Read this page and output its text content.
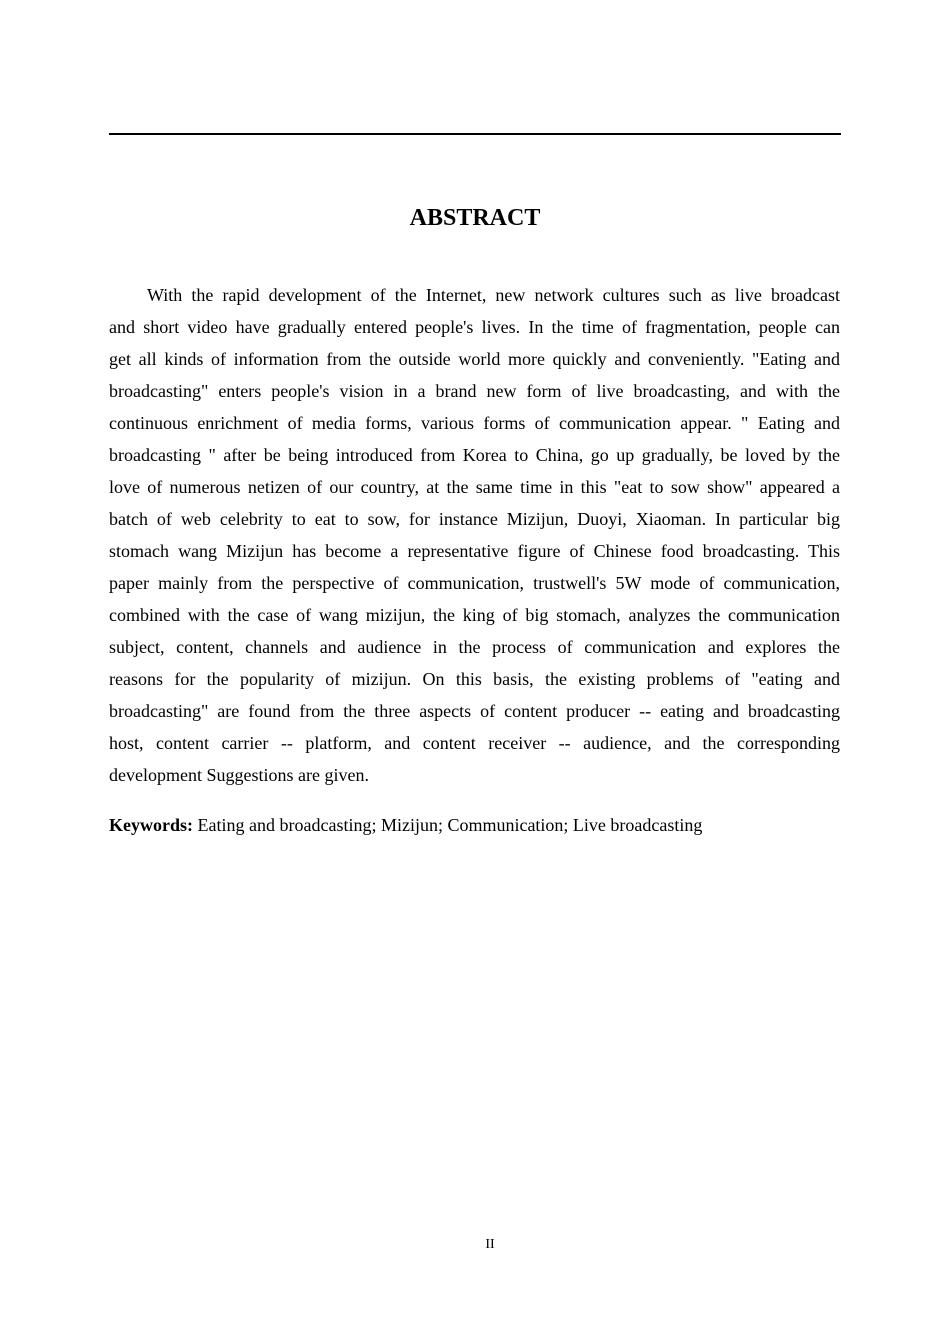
ABSTRACT
With the rapid development of the Internet, new network cultures such as live broadcast
and short video have gradually entered people's lives. In the time of fragmentation, people can
get all kinds of information from the outside world more quickly and conveniently. "Eating and
broadcasting" enters people's vision in a brand new form of live broadcasting, and with the
continuous enrichment of media forms, various forms of communication appear. " Eating and
broadcasting " after be being introduced from Korea to China, go up gradually, be loved by the
love of numerous netizen of our country, at the same time in this "eat to sow show" appeared a
batch of web celebrity to eat to sow, for instance Mizijun, Duoyi, Xiaoman. In particular big
stomach wang Mizijun has become a representative figure of Chinese food broadcasting. This
paper mainly from the perspective of communication, trustwell's 5W mode of communication,
combined with the case of wang mizijun, the king of big stomach, analyzes the communication
subject, content, channels and audience in the process of communication and explores the
reasons for the popularity of mizijun. On this basis, the existing problems of "eating and
broadcasting" are found from the three aspects of content producer -- eating and broadcasting
host, content carrier -- platform, and content receiver -- audience, and the corresponding
development Suggestions are given.
Keywords: Eating and broadcasting; Mizijun; Communication; Live broadcasting
II
